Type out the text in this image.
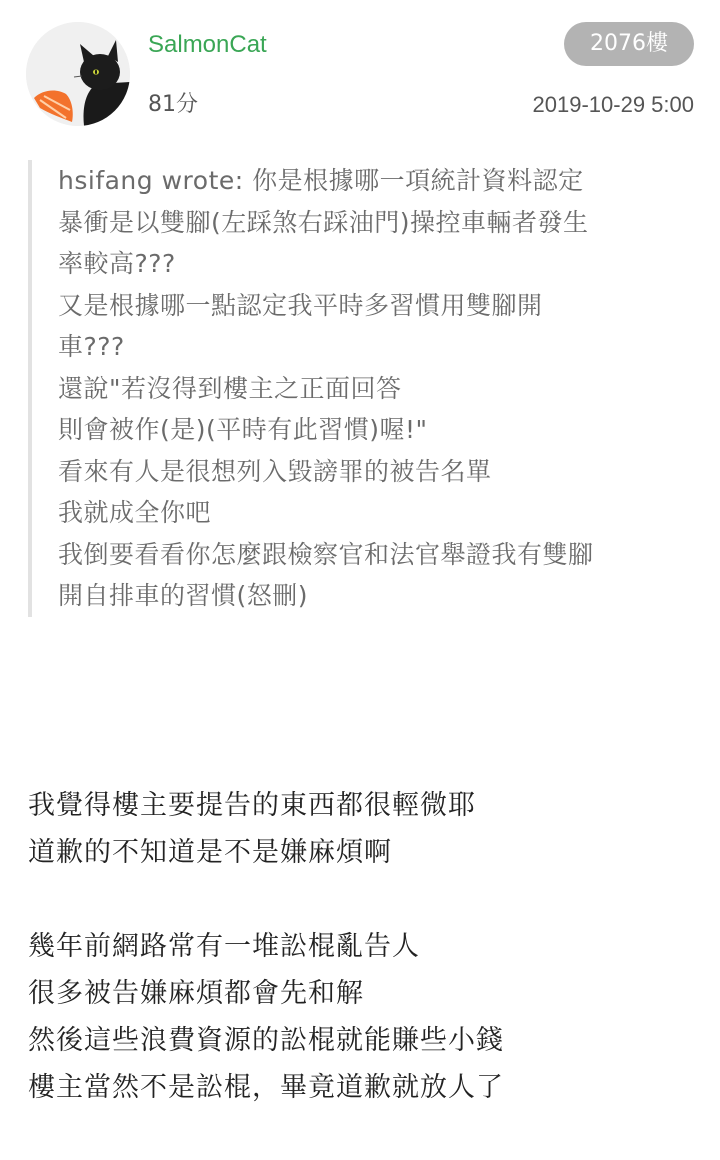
SalmonCat
81分
2076樓
2019-10-29 5:00
hsifang wrote: 你是根據哪一項統計資料認定
暴衝是以雙腳(左踩煞右踩油門)操控車輛者發生
率較高???
又是根據哪一點認定我平時多習慣用雙腳開
車???
還說"若沒得到樓主之正面回答
則會被作(是)(平時有此習慣)喔!"
看來有人是很想列入毀謗罪的被告名單
我就成全你吧
我倒要看看你怎麼跟檢察官和法官舉證我有雙腳
開自排車的習慣(怒刪)
我覺得樓主要提告的東西都很輕微耶
道歉的不知道是不是嫌麻煩啊
幾年前網路常有一堆訟棍亂告人
很多被告嫌麻煩都會先和解
然後這些浪費資源的訟棍就能賺些小錢
樓主當然不是訟棍，畢竟道歉就放人了
